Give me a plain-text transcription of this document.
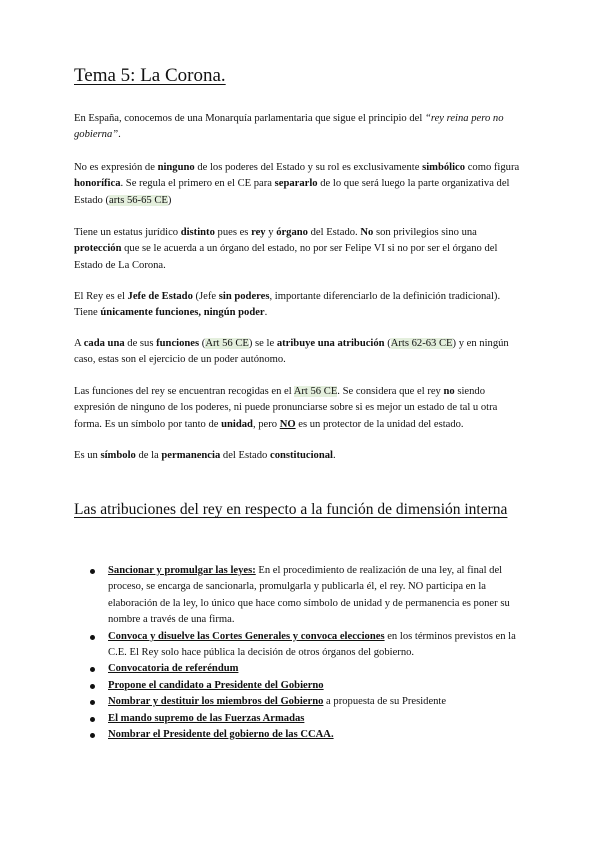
Tema 5: La Corona.

En España, conocemos de una Monarquía parlamentaria que sigue el principio del “rey reina pero no gobierna”.

No es expresión de ninguno de los poderes del Estado y su rol es exclusivamente simbólico como figura honorífica. Se regula el primero en el CE para separarlo de lo que será luego la parte organizativa del Estado (arts 56-65 CE)

Tiene un estatus jurídico distinto pues es rey y órgano del Estado. No son privilegios sino una protección que se le acuerda a un órgano del estado, no por ser Felipe VI si no por ser el órgano del Estado de La Corona.

El Rey es el Jefe de Estado (Jefe sin poderes, importante diferenciarlo de la definición tradicional). Tiene únicamente funciones, ningún poder.

A cada una de sus funciones (Art 56 CE) se le atribuye una atribución (Arts 62-63 CE) y en ningún caso, estas son el ejercicio de un poder autónomo.

Las funciones del rey se encuentran recogidas en el Art 56 CE. Se considera que el rey no siendo expresión de ninguno de los poderes, ni puede pronunciarse sobre si es mejor un estado de tal u otra forma. Es un símbolo por tanto de unidad, pero NO es un protector de la unidad del estado.

Es un símbolo de la permanencia del Estado constitucional.

Las atribuciones del rey en respecto a la función de dimensión interna
Sancionar y promulgar las leyes: En el procedimiento de realización de una ley, al final del proceso, se encarga de sancionarla, promulgarla y publicarla él, el rey. NO participa en la elaboración de la ley, lo único que hace como símbolo de unidad y de permanencia es poner su nombre a través de una firma.
Convoca y disuelve las Cortes Generales y convoca elecciones en los términos previstos en la C.E. El Rey solo hace pública la decisión de otros órganos del gobierno.
Convocatoria de referéndum
Propone el candidato a Presidente del Gobierno
Nombrar y destituir los miembros del Gobierno a propuesta de su Presidente
El mando supremo de las Fuerzas Armadas
Nombrar el Presidente del gobierno de las CCAA.
